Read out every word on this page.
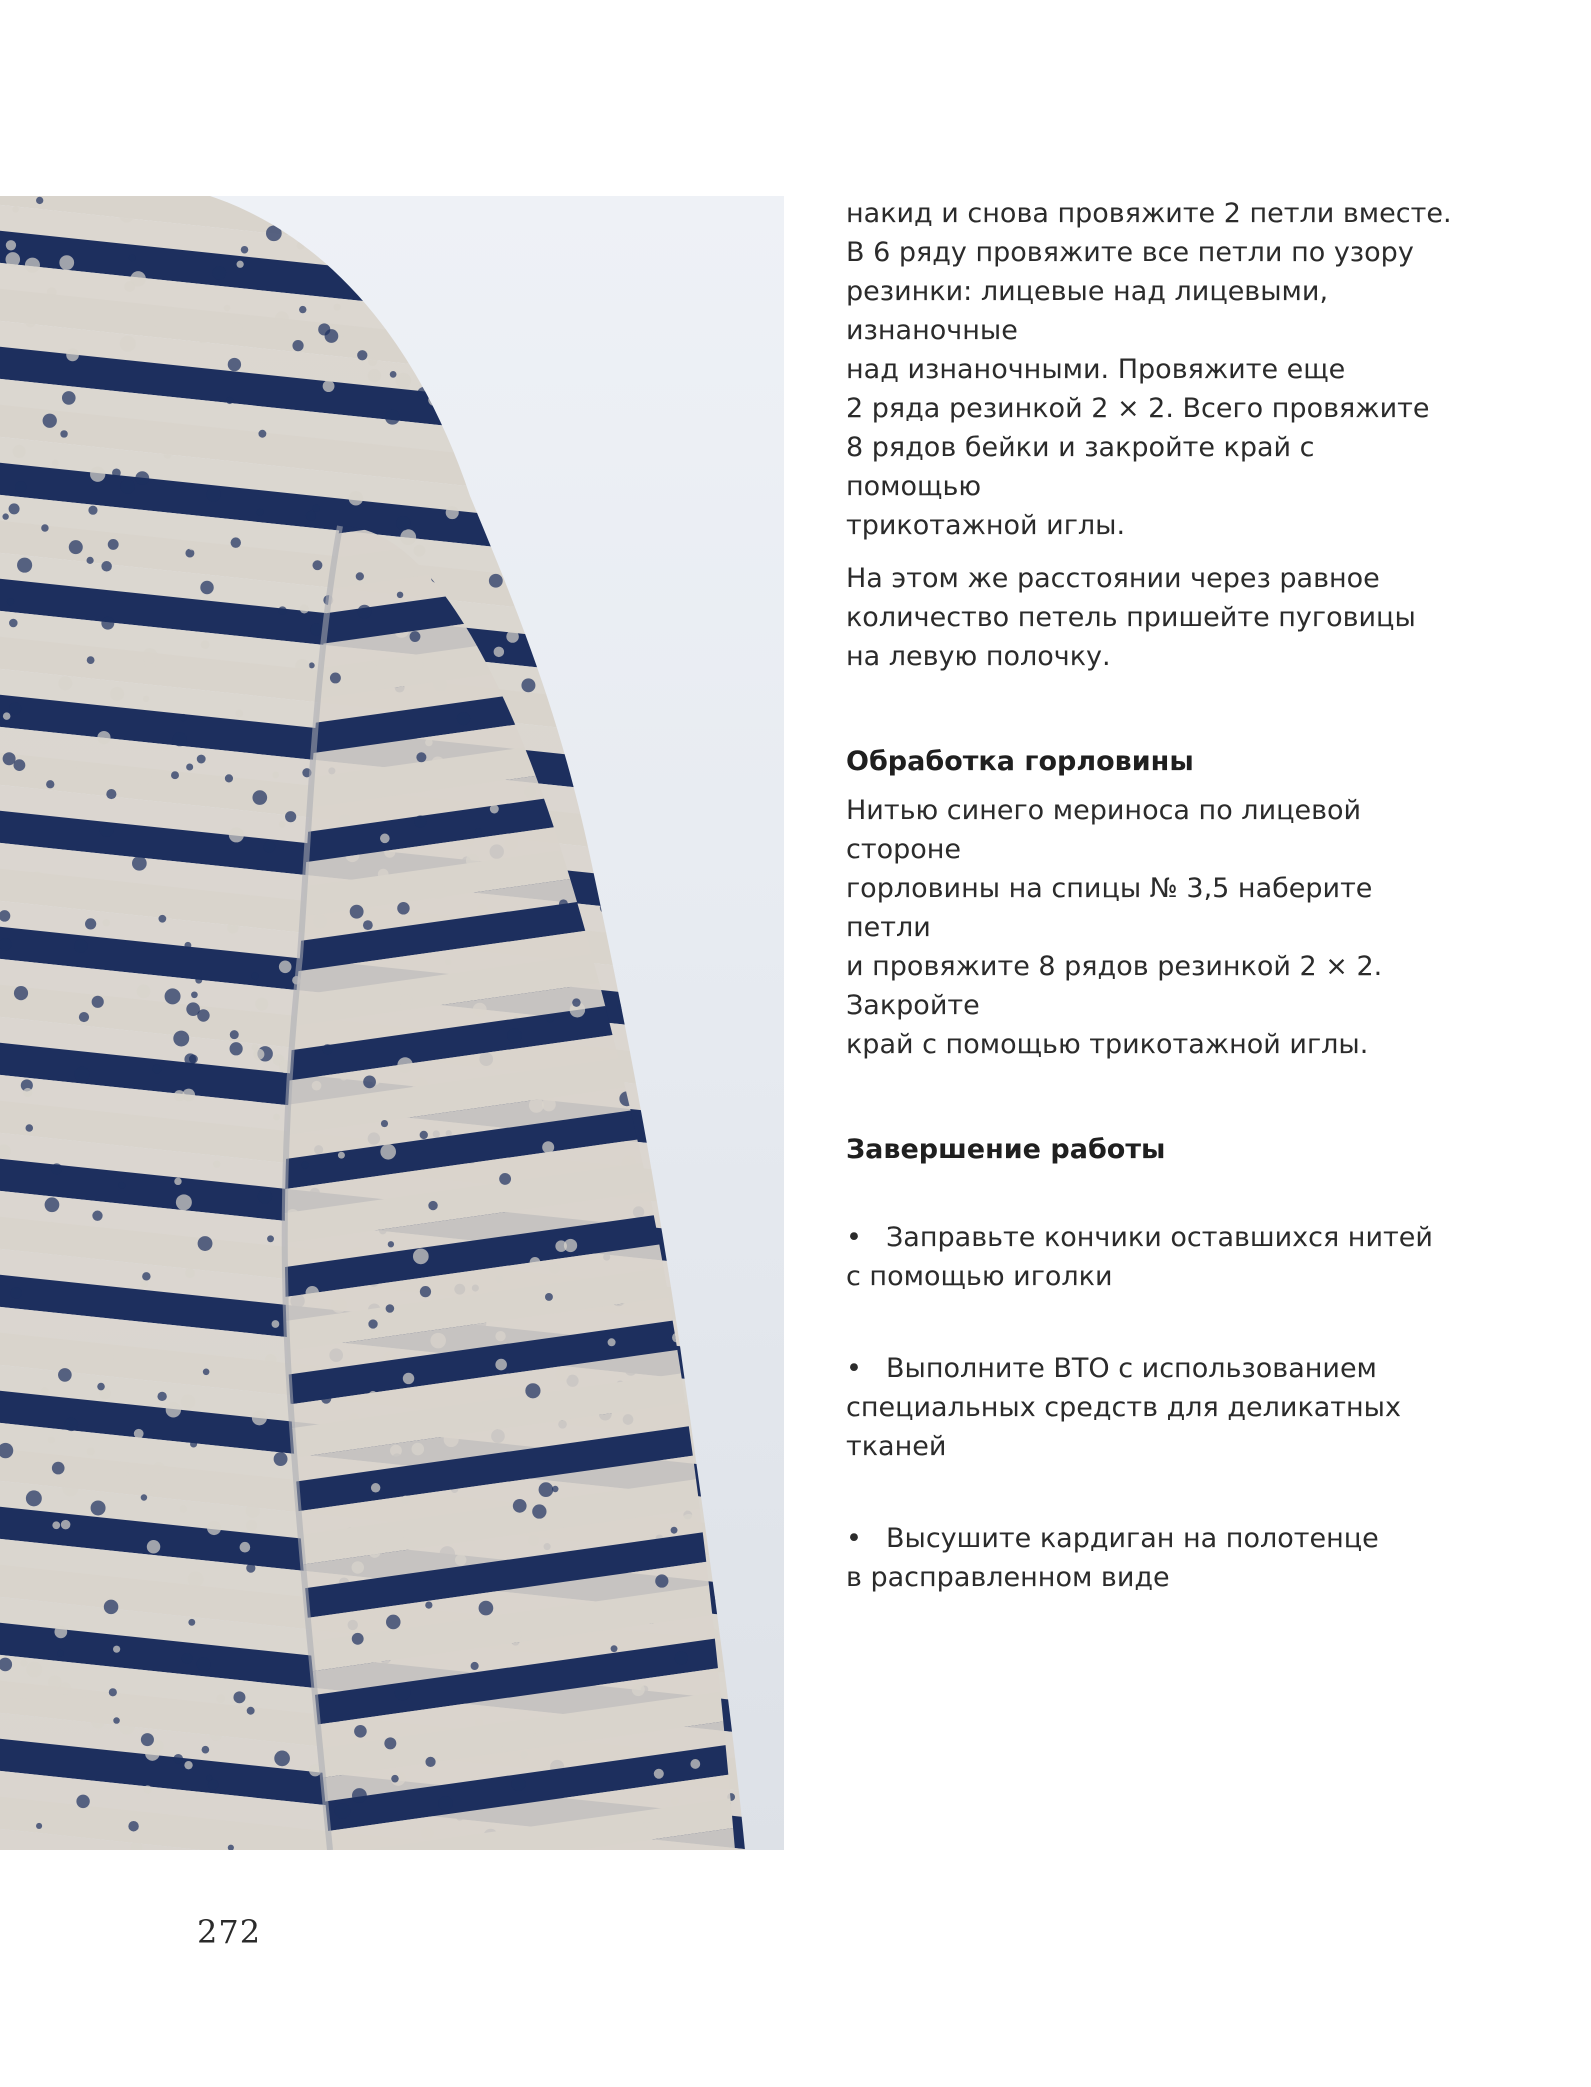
накид и снова провяжите 2 петли вместе.
В 6 ряду провяжите все петли по узору
резинки: лицевые над лицевыми, изнаночные
над изнаночными. Провяжите еще
2 ряда резинкой 2 × 2. Всего провяжите
8 рядов бейки и закройте край с помощью
трикотажной иглы.

На этом же расстоянии через равное
количество петель пришейте пуговицы
на левую полочку.

Обработка горловины

Нитью синего мериноса по лицевой стороне
горловины на спицы № 3,5 наберите петли
и провяжите 8 рядов резинкой 2 × 2. Закройте
край с помощью трикотажной иглы.

Завершение работы

• Заправьте кончики оставшихся нитей
с помощью иголки

• Выполните ВТО с использованием
специальных средств для деликатных тканей

• Высушите кардиган на полотенце
в расправленном виде

272
